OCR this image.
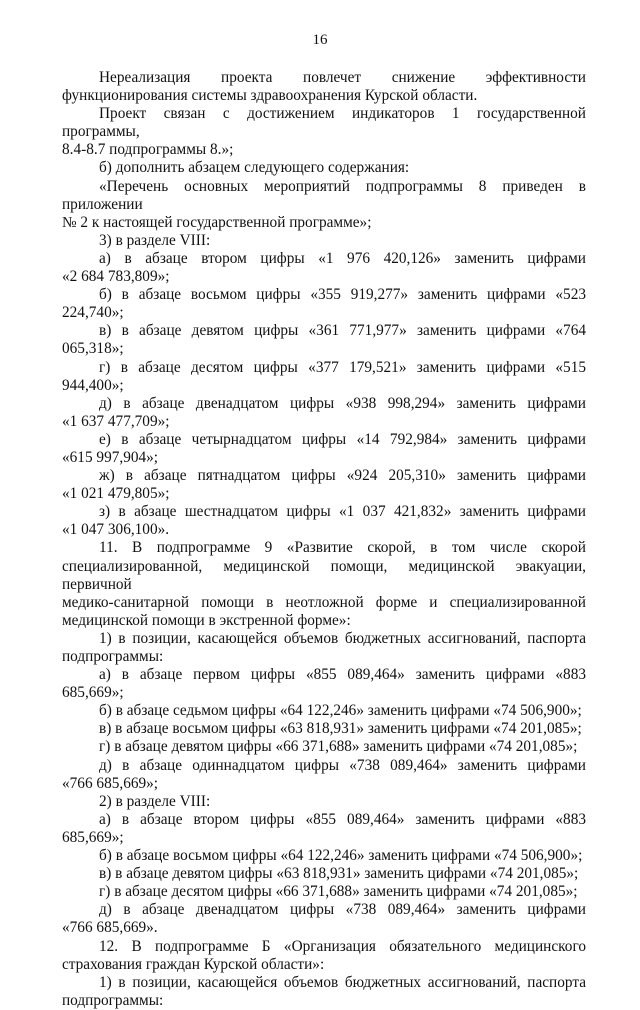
16
Нереализация проекта повлечет снижение эффективности
функционирования системы здравоохранения Курской области.
Проект связан с достижением индикаторов 1 государственной программы,
8.4-8.7 подпрограммы 8.»;
б) дополнить абзацем следующего содержания:
«Перечень основных мероприятий подпрограммы 8 приведен в приложении
№ 2 к настоящей государственной программе»;
3) в разделе VIII:
а) в абзаце втором цифры «1 976 420,126» заменить цифрами
«2 684 783,809»;
б) в абзаце восьмом цифры «355 919,277» заменить цифрами «523 224,740»;
в) в абзаце девятом цифры «361 771,977» заменить цифрами «764 065,318»;
г) в абзаце десятом цифры «377 179,521» заменить цифрами «515 944,400»;
д) в абзаце двенадцатом цифры «938 998,294» заменить цифрами
«1 637 477,709»;
е) в абзаце четырнадцатом цифры «14 792,984» заменить цифрами
«615 997,904»;
ж) в абзаце пятнадцатом цифры «924 205,310» заменить цифрами
«1 021 479,805»;
з) в абзаце шестнадцатом цифры «1 037 421,832» заменить цифрами
«1 047 306,100».
11. В подпрограмме 9 «Развитие скорой, в том числе скорой
специализированной, медицинской помощи, медицинской эвакуации, первичной
медико-санитарной помощи в неотложной форме и специализированной
медицинской помощи в экстренной форме»:
1) в позиции, касающейся объемов бюджетных ассигнований, паспорта
подпрограммы:
а) в абзаце первом цифры «855 089,464» заменить цифрами «883 685,669»;
б) в абзаце седьмом цифры «64 122,246» заменить цифрами «74 506,900»;
в) в абзаце восьмом цифры «63 818,931» заменить цифрами «74 201,085»;
г) в абзаце девятом цифры «66 371,688» заменить цифрами «74 201,085»;
д) в абзаце одиннадцатом цифры «738 089,464» заменить цифрами
«766 685,669»;
2) в разделе VIII:
а) в абзаце втором цифры «855 089,464» заменить цифрами «883 685,669»;
б) в абзаце восьмом цифры «64 122,246» заменить цифрами «74 506,900»;
в) в абзаце девятом цифры «63 818,931» заменить цифрами «74 201,085»;
г) в абзаце десятом цифры «66 371,688» заменить цифрами «74 201,085»;
д) в абзаце двенадцатом цифры «738 089,464» заменить цифрами
«766 685,669».
12. В подпрограмме Б «Организация обязательного медицинского
страхования граждан Курской области»:
1) в позиции, касающейся объемов бюджетных ассигнований, паспорта
подпрограммы:
